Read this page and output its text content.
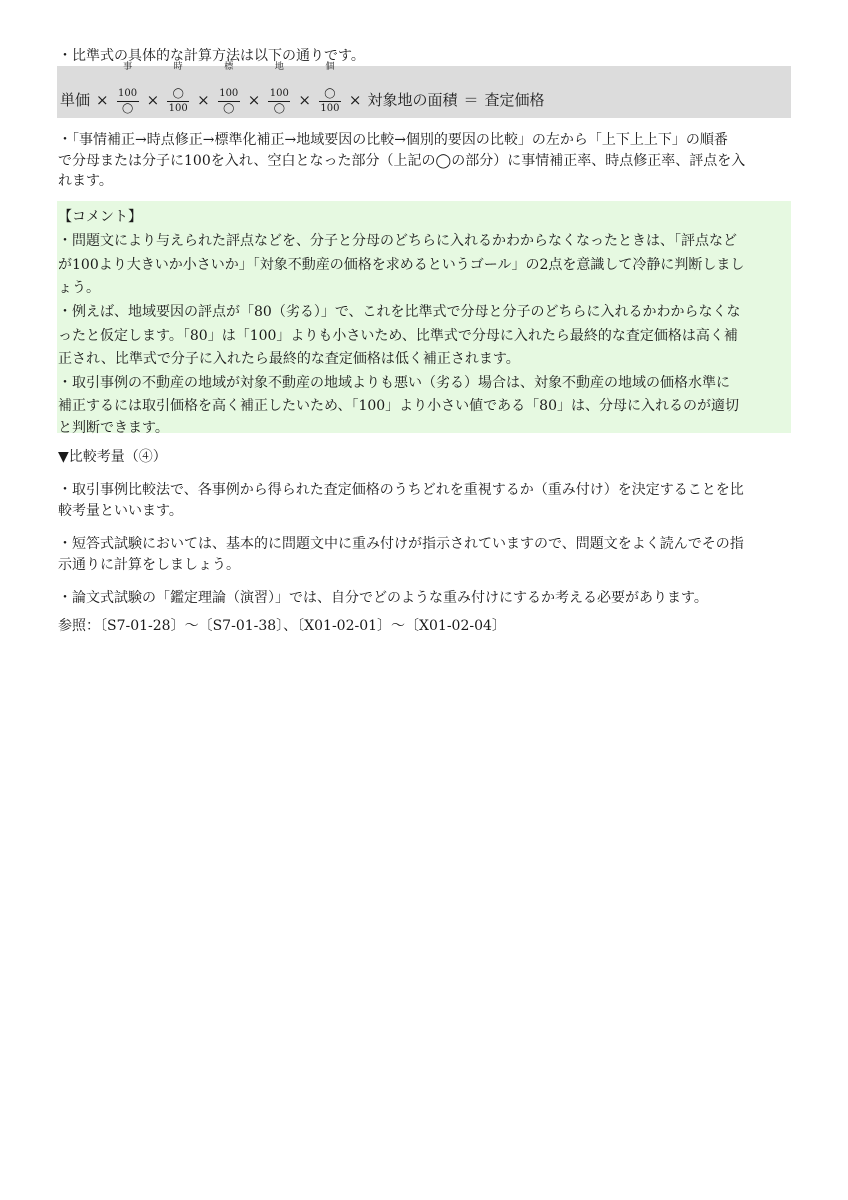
・比準式の具体的な計算方法は以下の通りです。

単価 ×
事
100
◯ ×
時
◯
100 ×
標
100
◯ ×
地
100
◯ ×
個
◯
100 × 対象地の面積 ＝ 査定価格

・「事情補正→時点修正→標準化補正→地域要因の比較→個別的要因の比較」の左から「上下上上下」の順番

で分母または分子に100を入れ、空白となった部分（上記の◯の部分）に事情補正率、時点修正率、評点を入

れます。

【コメント】

・問題文により与えられた評点などを、分子と分母のどちらに入れるかわからなくなったときは、「評点など

が100より大きいか小さいか」「対象不動産の価格を求めるというゴール」の2点を意識して冷静に判断しまし

ょう。

・例えば、地域要因の評点が「80（劣る）」で、これを比準式で分母と分子のどちらに入れるかわからなくな

ったと仮定します。「80」は「100」よりも小さいため、比準式で分母に入れたら最終的な査定価格は高く補

正され、比準式で分子に入れたら最終的な査定価格は低く補正されます。

・取引事例の不動産の地域が対象不動産の地域よりも悪い（劣る）場合は、対象不動産の地域の価格水準に

補正するには取引価格を高く補正したいため、「100」より小さい値である「80」は、分母に入れるのが適切

と判断できます。

▼比較考量（④）

・取引事例比較法で、各事例から得られた査定価格のうちどれを重視するか（重み付け）を決定することを比

較考量といいます。

・短答式試験においては、基本的に問題文中に重み付けが指示されていますので、問題文をよく読んでその指

示通りに計算をしましょう。

・論文式試験の「鑑定理論（演習）」では、自分でどのような重み付けにするか考える必要があります。

参照：〔S7-01-28〕～〔S7-01-38〕、〔X01-02-01〕～〔X01-02-04〕
